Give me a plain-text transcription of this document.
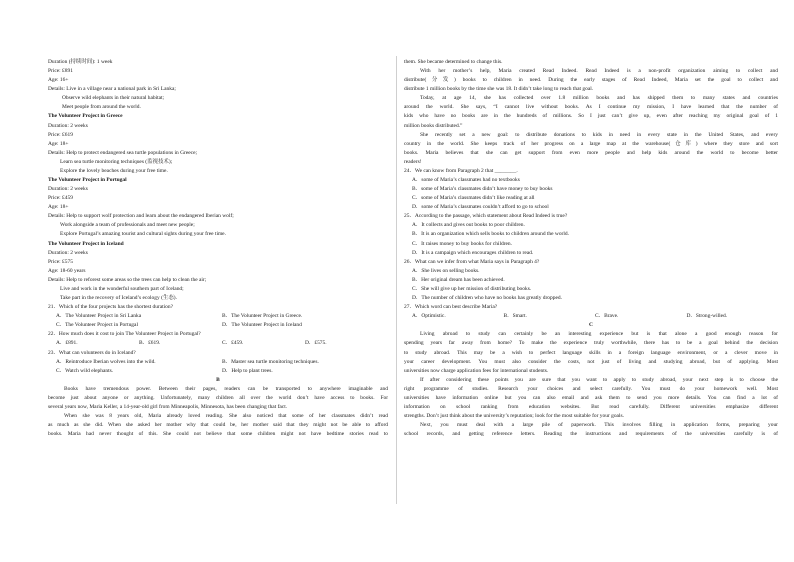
Duration (持续时间): 1 week
Price: £891
Age: 16+
Details: Live in a village near a national park in Sri Lanka;
Observe wild elephants in their natural habitat;
Meet people from around the world.
The Volunteer Project in Greece
Duration: 2 weeks
Price: £619
Age: 18+
Details: Help to protect endangered sea turtle populations in Greece;
Learn sea turtle monitoring techniques (监视技术);
Explore the lovely beaches during your free time.
The Volunteer Project in Portugal
Duration: 2 weeks
Price: £459
Age: 18+
Details: Help to support wolf protection and learn about the endangered Iberian wolf;
Work alongside a team of professionals and meet new people;
Explore Portugal’s amazing tourist and cultural sights during your free time.
The Volunteer Project in Iceland
Duration: 2 weeks
Price: £575
Age: 18-60 years
Details: Help to reforest some areas so the trees can help to clean the air;
Live and work in the wonderful southern part of Iceland;
Take part in the recovery of Iceland’s ecology (生态).
21．Which of the four projects has the shortest duration?
A．The Volunteer Project in Sri Lanka	B．The Volunteer Project in Greece.
C．The Volunteer Project in Portugal	D．The Volunteer Project in Iceland
22．How much does it cost to join The Volunteer Project in Portugal?
A．£891.	B．£619.	C．£459.	D．£575.
23．What can volunteers do in Iceland?
A．Reintroduce Iberian wolves into the wild.	B．Master sea turtle monitoring techniques.
C．Watch wild elephants.	D．Help to plant trees.
B
Books have tremendous power. Between their pages, readers can be transported to anywhere imaginable and
become just about anyone or anything. Unfortunately, many children all over the world don’t have access to books. For
several years now, Maria Keller, a 14-year-old girl from Minneapolis, Minnesota, has been changing that fact.
When she was 8 years old, Maria already loved reading. She also noticed that some of her classmates didn’t read
as much as she did. When she asked her mother why that could be, her mother said that they might not be able to afford
books. Maria had never thought of this. She could not believe that some children might not have bedtime stories read to
them. She became determined to change this.
With her mother’s help, Maria created Read Indeed. Read Indeed is a non-profit organization aiming to collect and
distribute(分发) books to children in need. During the early stages of Read Indeed, Maria set the goal to collect and
distribute 1 million books by the time she was 18. It didn’t take long to reach that goal.
Today, at age 14, she has collected over 1.8 million books and has shipped them to many states and countries
around the world. She says, “I cannot live without books. As I continue my mission, I have learned that the number of
kids who have no books are in the hundreds of millions. So I just can’t give up, even after reaching my original goal of 1
million books distributed.”
She recently set a new goal: to distribute donations to kids in need in every state in the United States, and every
country in the world. She keeps track of her progress on a large map at the warehouse(仓库) where they store and sort
books. Maria believes that she can get support from even more people and help kids around the world to become better
readers!
24．We can know from Paragraph 2 that ________.
A．some of Maria’s classmates had no textbooks
B．some of Maria’s classmates didn’t have money to buy books
C．some of Maria’s classmates didn’t like reading at all
D．some of Maria’s classmates couldn’t afford to go to school
25．According to the passage, which statement about Read Indeed is true?
A．It collects and gives out books to poor children.
B．It is an organization which sells books to children around the world.
C．It raises money to buy books for children.
D．It is a campaign which encourages children to read.
26．What can we infer from what Maria says in Paragraph 4?
A．She lives on selling books.
B．Her original dream has been achieved.
C．She will give up her mission of distributing books.
D．The number of children who have no books has greatly dropped.
27．Which word can best describe Maria?
A．Optimistic.	B．Smart.	C．Brave.	D．Strong-willed.
C
Living abroad to study can certainly be an interesting experience but is that alone a good enough reason for
spending years far away from home? To make the experience truly worthwhile, there has to be a goal behind the decision
to study abroad. This may be a wish to perfect language skills in a foreign language environment, or a clever move in
your career development. You must also consider the costs, not just of living and studying abroad, but of applying. Most
universities now charge application fees for international students.
If after considering these points you are sure that you want to apply to study abroad, your next step is to choose the
right programme of studies. Research your choices and select carefully. You must do your homework well. Most
universities have information online but you can also email and ask them to send you more details. You can find a lot of
information on school ranking from education websites. But read carefully. Different universities emphasize different
strengths. Don’t just think about the university’s reputation; look for the most suitable for your goals.
Next, you must deal with a large pile of paperwork. This involves filling in application forms, preparing your
school records, and getting reference letters. Reading the instructions and requirements of the universities carefully is of
